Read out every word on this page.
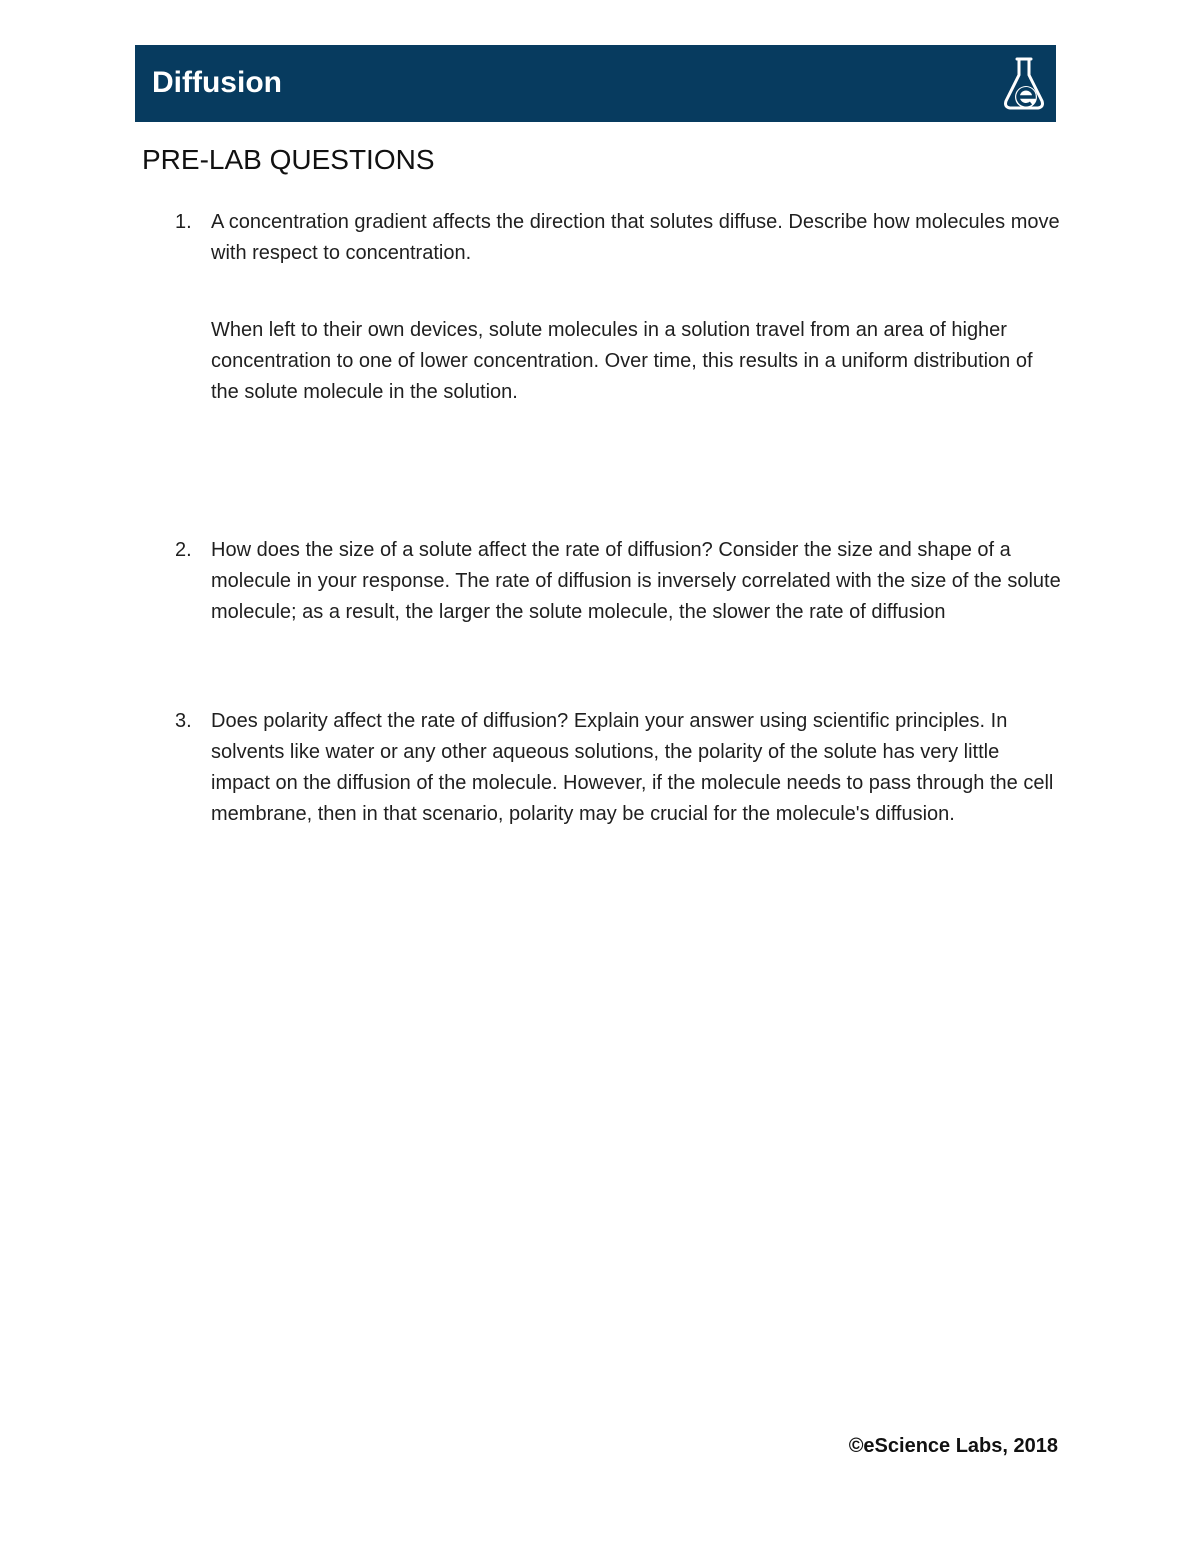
Diffusion
PRE-LAB QUESTIONS
1. A concentration gradient affects the direction that solutes diffuse. Describe how molecules move with respect to concentration.

When left to their own devices, solute molecules in a solution travel from an area of higher concentration to one of lower concentration. Over time, this results in a uniform distribution of the solute molecule in the solution.

2. How does the size of a solute affect the rate of diffusion? Consider the size and shape of a molecule in your response. The rate of diffusion is inversely correlated with the size of the solute molecule; as a result, the larger the solute molecule, the slower the rate of diffusion

3. Does polarity affect the rate of diffusion? Explain your answer using scientific principles. In solvents like water or any other aqueous solutions, the polarity of the solute has very little impact on the diffusion of the molecule. However, if the molecule needs to pass through the cell membrane, then in that scenario, polarity may be crucial for the molecule's diffusion.

©eScience Labs, 2018
